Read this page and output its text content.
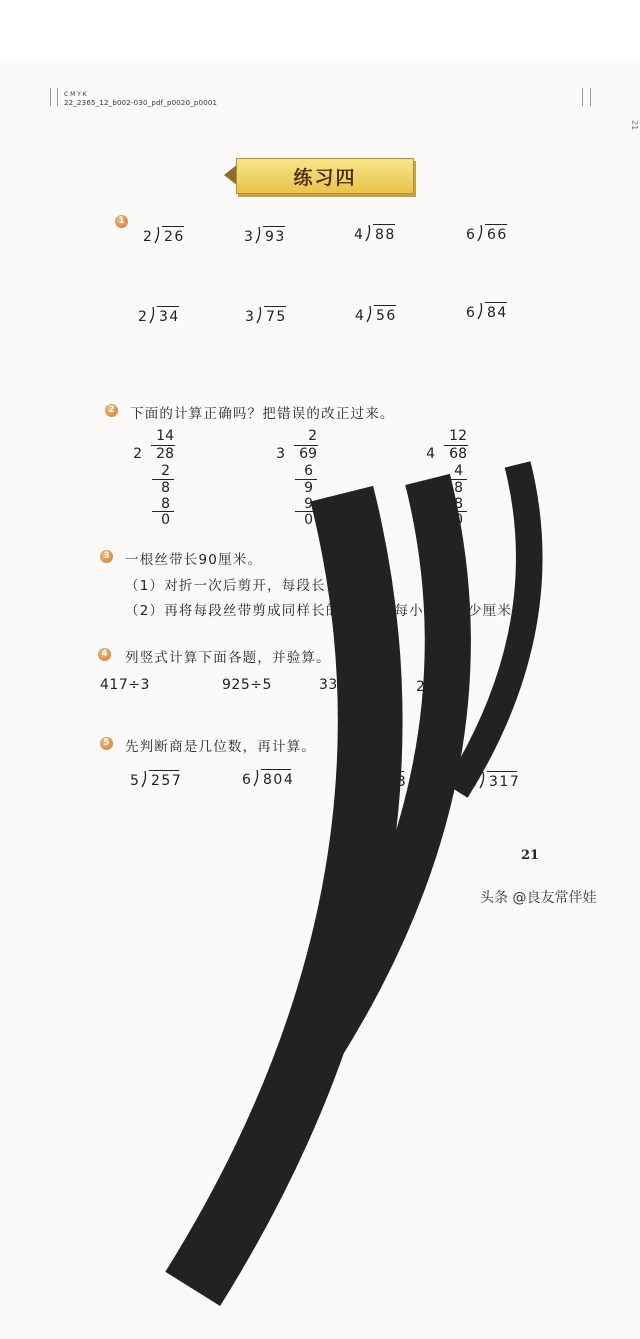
C M Y K
22_2365_12_b002-030_pdf_p0020_p0001
21
练习四
1
2 26	3 93	4 88	6 66
2 34	3 75	4 56	6 84
2 下面的计算正确吗？把错误的改正过来。
14
2	28
2
8
8
0
2
3	69
6
9
9
0
12
4	68
4
8
8
0
3 一根丝带长90厘米。
（1）对折一次后剪开，每段长多少厘米？
（2）再将每段丝带剪成同样长的3小段，每小段长多少厘米？
4 列竖式计算下面各题，并验算。
417÷3	925÷5	332÷4	264÷6
5 先判断商是几位数，再计算。
5 257	6 804	4 183	2 317
21
头条 @良友常伴娃
